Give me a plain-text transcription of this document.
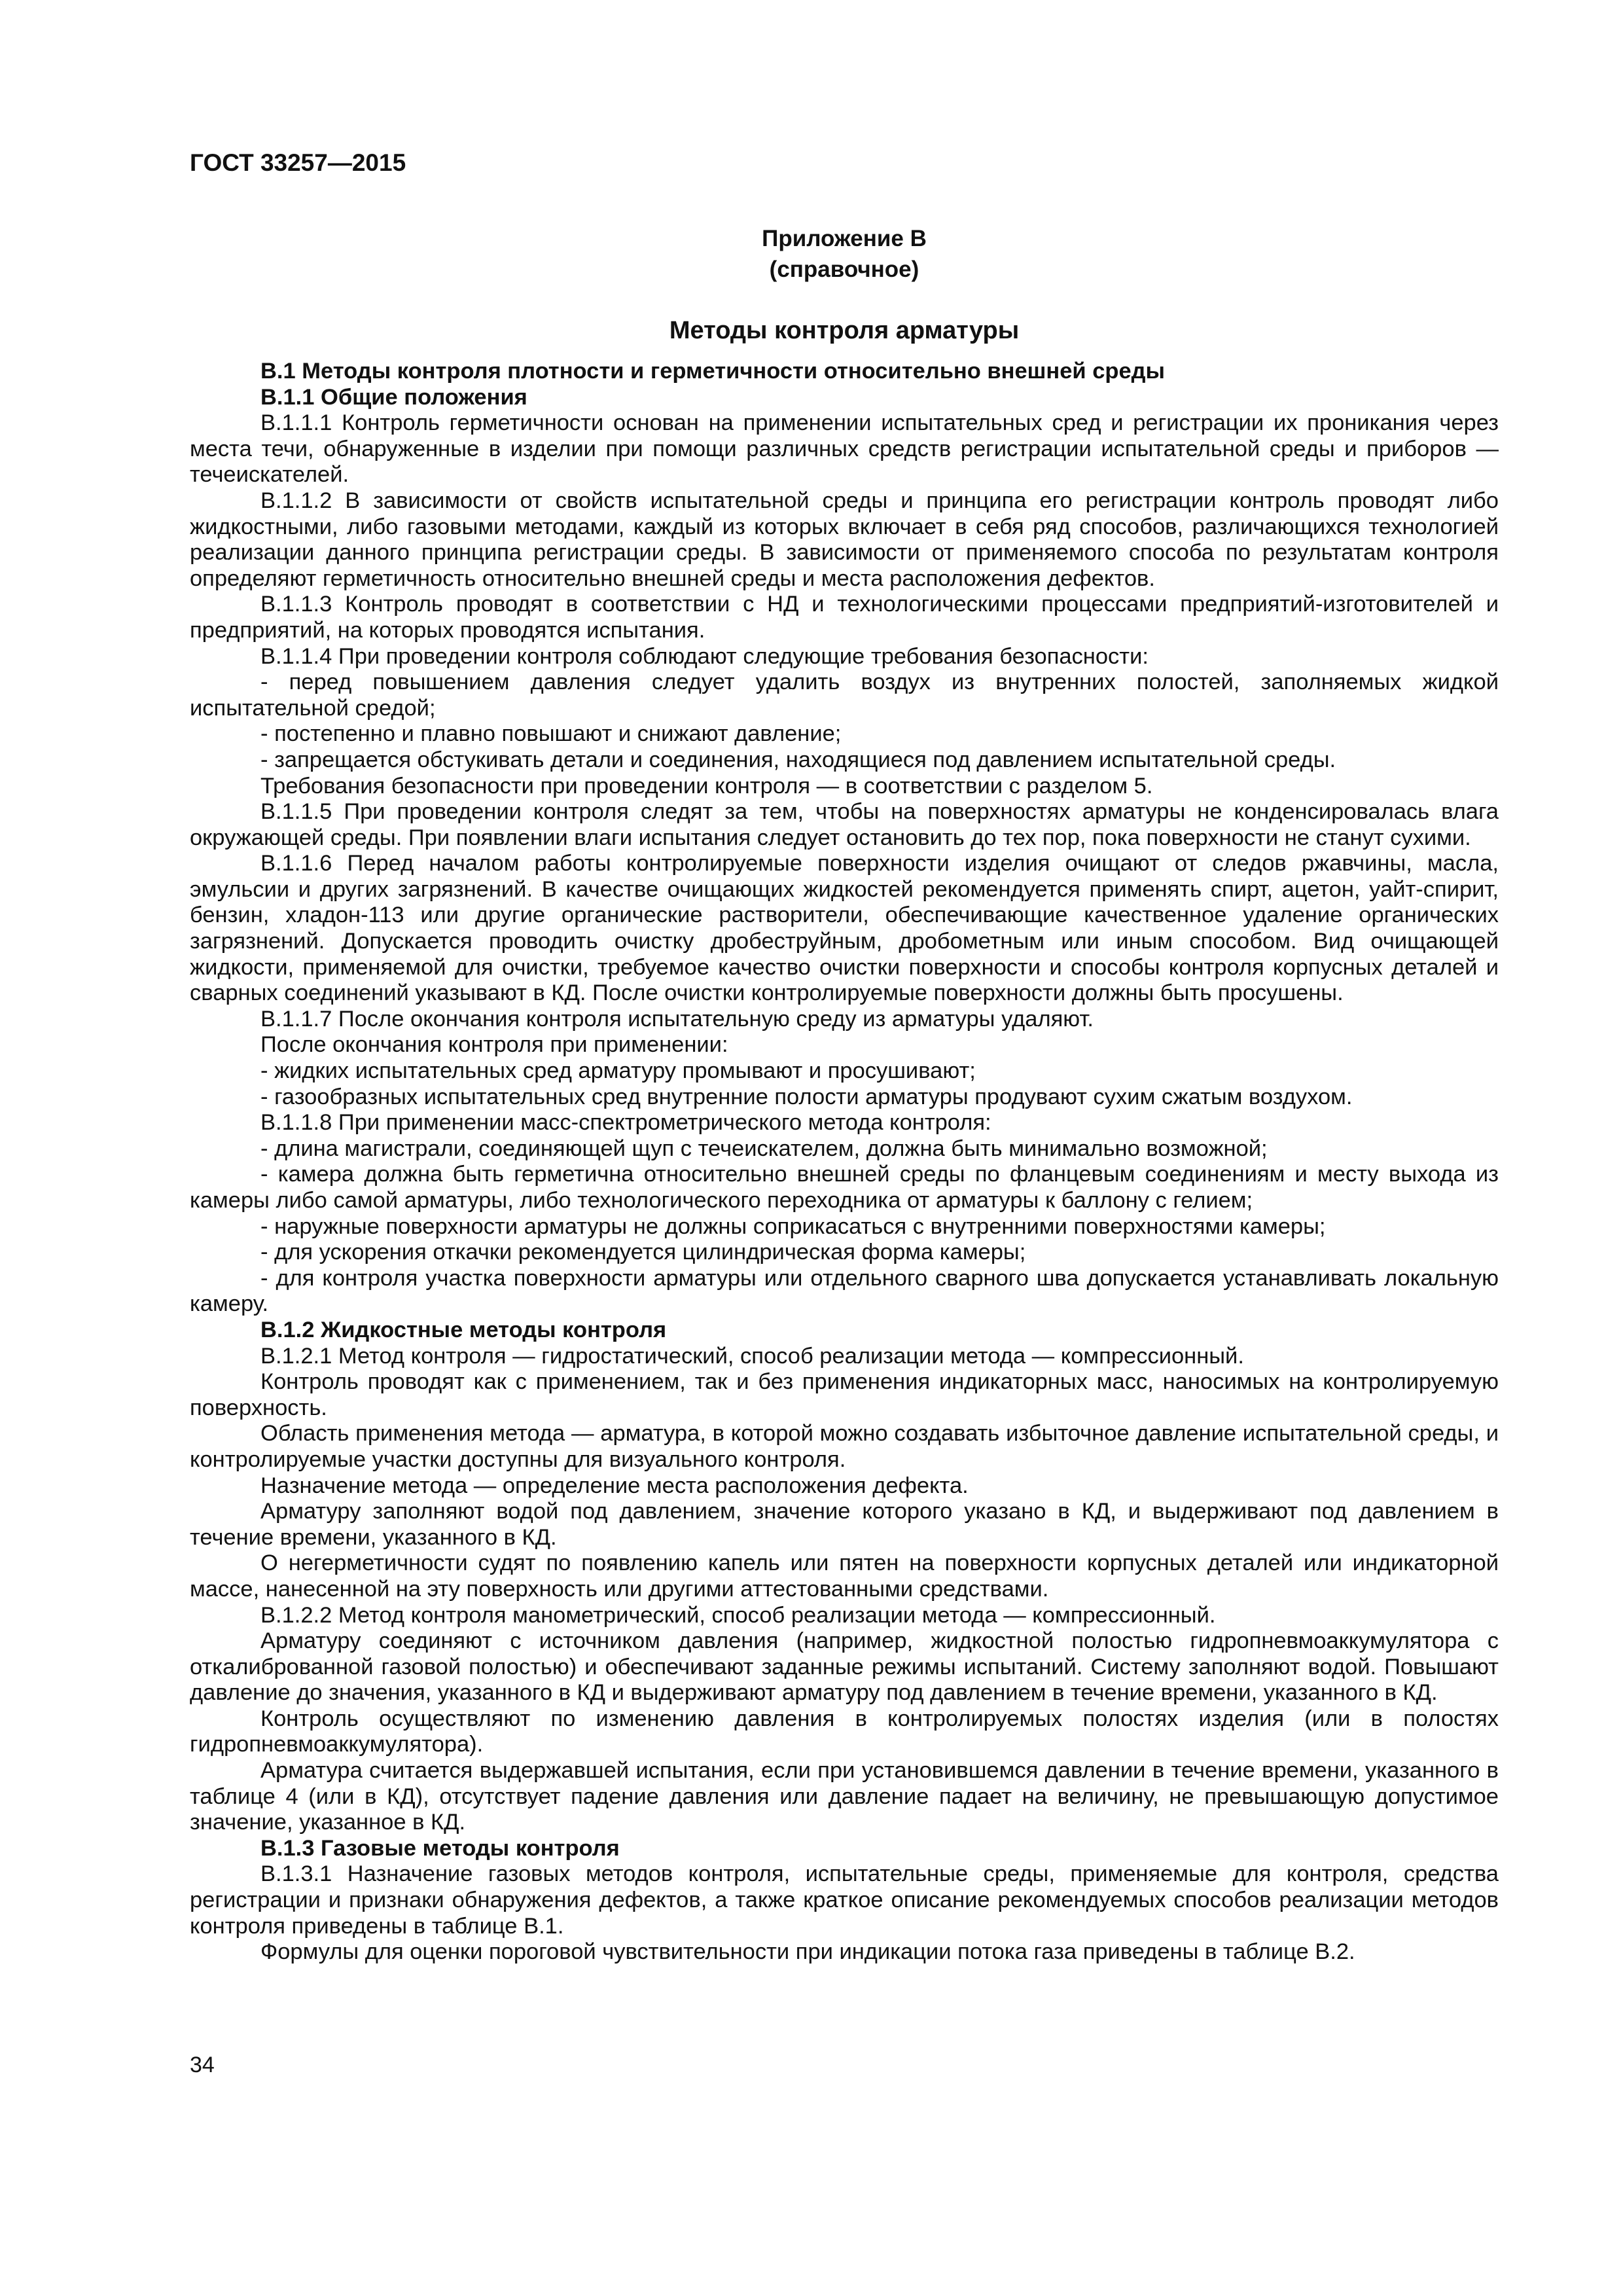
ГОСТ 33257—2015
Приложение В
(справочное)
Методы контроля арматуры

В.1 Методы контроля плотности и герметичности относительно внешней среды

В.1.1 Общие положения

В.1.1.1 Контроль герметичности основан на применении испытательных сред и регистрации их проникания через места течи, обнаруженные в изделии при помощи различных средств регистрации испытательной среды и приборов — течеискателей.

В.1.1.2 В зависимости от свойств испытательной среды и принципа его регистрации контроль проводят либо жидкостными, либо газовыми методами, каждый из которых включает в себя ряд способов, различающихся технологией реализации данного принципа регистрации среды. В зависимости от применяемого способа по результатам контроля определяют герметичность относительно внешней среды и места расположения дефектов.

В.1.1.3 Контроль проводят в соответствии с НД и технологическими процессами предприятий-изготовителей и предприятий, на которых проводятся испытания.

В.1.1.4 При проведении контроля соблюдают следующие требования безопасности:

- перед повышением давления следует удалить воздух из внутренних полостей, заполняемых жидкой испытательной средой;

- постепенно и плавно повышают и снижают давление;

- запрещается обстукивать детали и соединения, находящиеся под давлением испытательной среды.

Требования безопасности при проведении контроля — в соответствии с разделом 5.

В.1.1.5 При проведении контроля следят за тем, чтобы на поверхностях арматуры не конденсировалась влага окружающей среды. При появлении влаги испытания следует остановить до тех пор, пока поверхности не станут сухими.

В.1.1.6 Перед началом работы контролируемые поверхности изделия очищают от следов ржавчины, масла, эмульсии и других загрязнений. В качестве очищающих жидкостей рекомендуется применять спирт, ацетон, уайт-спирит, бензин, хладон-113 или другие органические растворители, обеспечивающие качественное удаление органических загрязнений. Допускается проводить очистку дробеструйным, дробометным или иным способом. Вид очищающей жидкости, применяемой для очистки, требуемое качество очистки поверхности и способы контроля корпусных деталей и сварных соединений указывают в КД. После очистки контролируемые поверхности должны быть просушены.

В.1.1.7 После окончания контроля испытательную среду из арматуры удаляют.

После окончания контроля при применении:

- жидких испытательных сред арматуру промывают и просушивают;

- газообразных испытательных сред внутренние полости арматуры продувают сухим сжатым воздухом.

В.1.1.8 При применении масс-спектрометрического метода контроля:

- длина магистрали, соединяющей щуп с течеискателем, должна быть минимально возможной;

- камера должна быть герметична относительно внешней среды по фланцевым соединениям и месту выхода из камеры либо самой арматуры, либо технологического переходника от арматуры к баллону с гелием;

- наружные поверхности арматуры не должны соприкасаться с внутренними поверхностями камеры;

- для ускорения откачки рекомендуется цилиндрическая форма камеры;

- для контроля участка поверхности арматуры или отдельного сварного шва допускается устанавливать локальную камеру.

В.1.2 Жидкостные методы контроля

В.1.2.1 Метод контроля — гидростатический, способ реализации метода — компрессионный.

Контроль проводят как с применением, так и без применения индикаторных масс, наносимых на контролируемую поверхность.

Область применения метода — арматура, в которой можно создавать избыточное давление испытательной среды, и контролируемые участки доступны для визуального контроля.

Назначение метода — определение места расположения дефекта.

Арматуру заполняют водой под давлением, значение которого указано в КД, и выдерживают под давлением в течение времени, указанного в КД.

О негерметичности судят по появлению капель или пятен на поверхности корпусных деталей или индикаторной массе, нанесенной на эту поверхность или другими аттестованными средствами.

В.1.2.2 Метод контроля манометрический, способ реализации метода — компрессионный.

Арматуру соединяют с источником давления (например, жидкостной полостью гидропневмоаккумулятора с откалиброванной газовой полостью) и обеспечивают заданные режимы испытаний. Систему заполняют водой. Повышают давление до значения, указанного в КД и выдерживают арматуру под давлением в течение времени, указанного в КД.

Контроль осуществляют по изменению давления в контролируемых полостях изделия (или в полостях гидропневмоаккумулятора).

Арматура считается выдержавшей испытания, если при установившемся давлении в течение времени, указанного в таблице 4 (или в КД), отсутствует падение давления или давление падает на величину, не превышающую допустимое значение, указанное в КД.

В.1.3 Газовые методы контроля

В.1.3.1 Назначение газовых методов контроля, испытательные среды, применяемые для контроля, средства регистрации и признаки обнаружения дефектов, а также краткое описание рекомендуемых способов реализации методов контроля приведены в таблице В.1.

Формулы для оценки пороговой чувствительности при индикации потока газа приведены в таблице В.2.

34
